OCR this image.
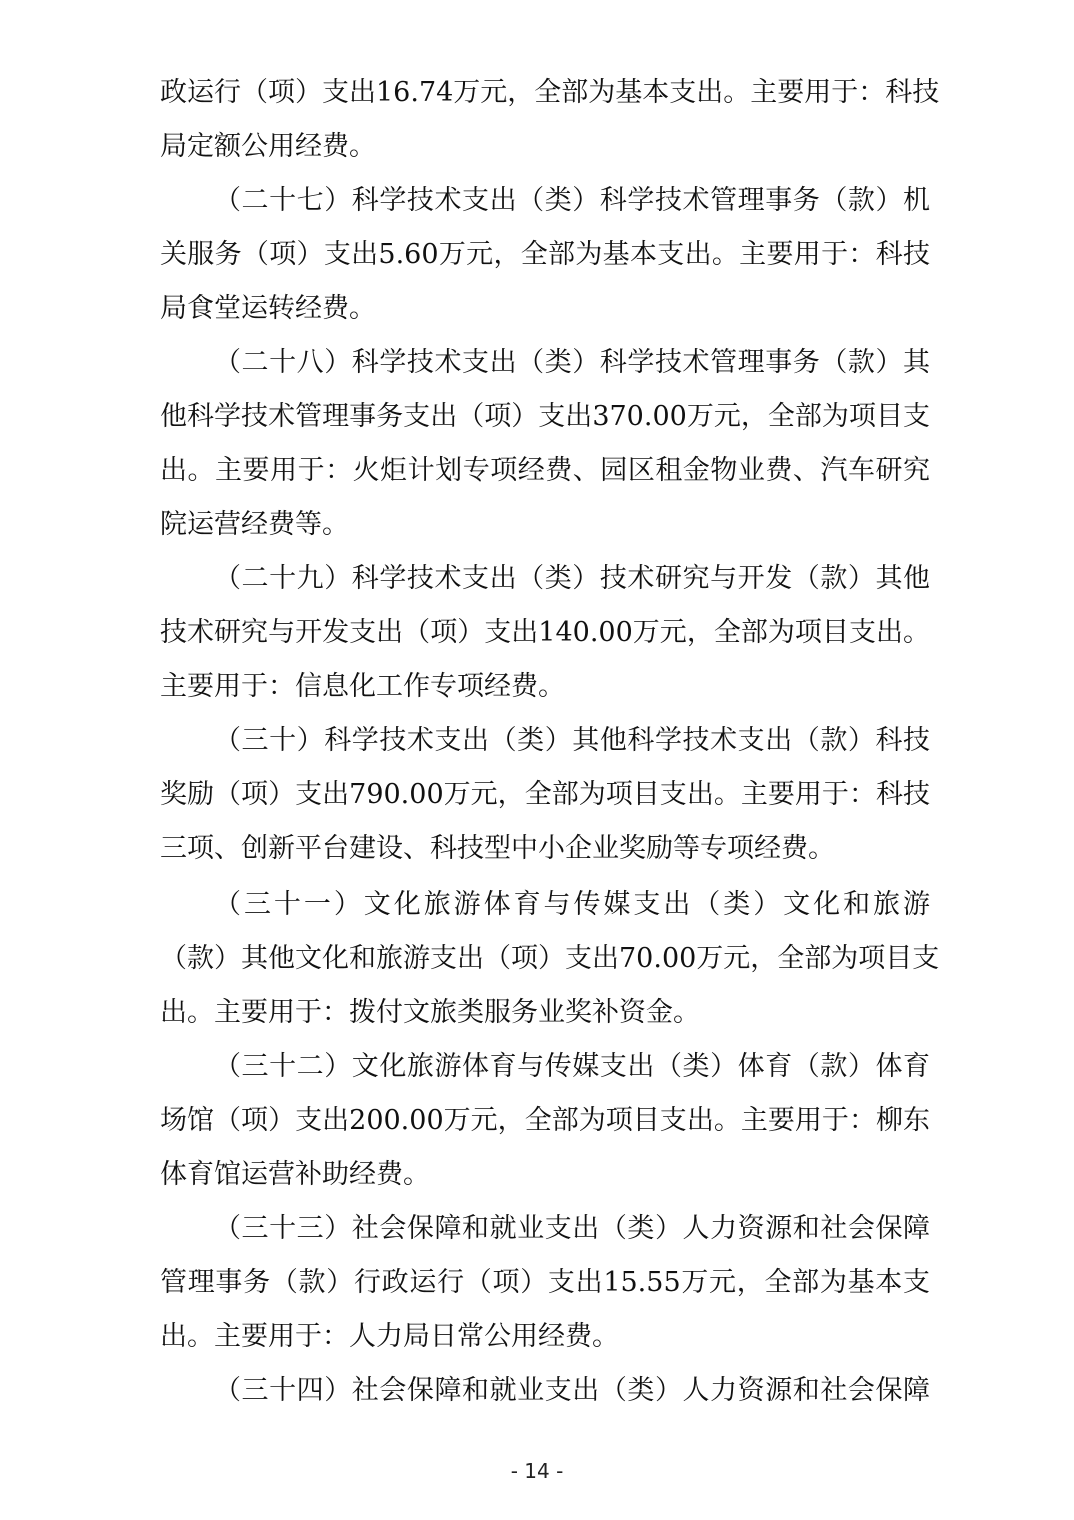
政运行（项）支出16.74万元，全部为基本支出。主要用于：科技
局定额公用经费。
（二十七）科学技术支出（类）科学技术管理事务（款）机
关服务（项）支出5.60万元，全部为基本支出。主要用于：科技
局食堂运转经费。
（二十八）科学技术支出（类）科学技术管理事务（款）其
他科学技术管理事务支出（项）支出370.00万元，全部为项目支
出。主要用于：火炬计划专项经费、园区租金物业费、汽车研究
院运营经费等。
（二十九）科学技术支出（类）技术研究与开发（款）其他
技术研究与开发支出（项）支出140.00万元，全部为项目支出。
主要用于：信息化工作专项经费。
（三十）科学技术支出（类）其他科学技术支出（款）科技
奖励（项）支出790.00万元，全部为项目支出。主要用于：科技
三项、创新平台建设、科技型中小企业奖励等专项经费。
（三十一）文化旅游体育与传媒支出（类）文化和旅游
（款）其他文化和旅游支出（项）支出70.00万元，全部为项目支
出。主要用于：拨付文旅类服务业奖补资金。
（三十二）文化旅游体育与传媒支出（类）体育（款）体育
场馆（项）支出200.00万元，全部为项目支出。主要用于：柳东
体育馆运营补助经费。
（三十三）社会保障和就业支出（类）人力资源和社会保障
管理事务（款）行政运行（项）支出15.55万元，全部为基本支
出。主要用于：人力局日常公用经费。
（三十四）社会保障和就业支出（类）人力资源和社会保障
- 14 -
